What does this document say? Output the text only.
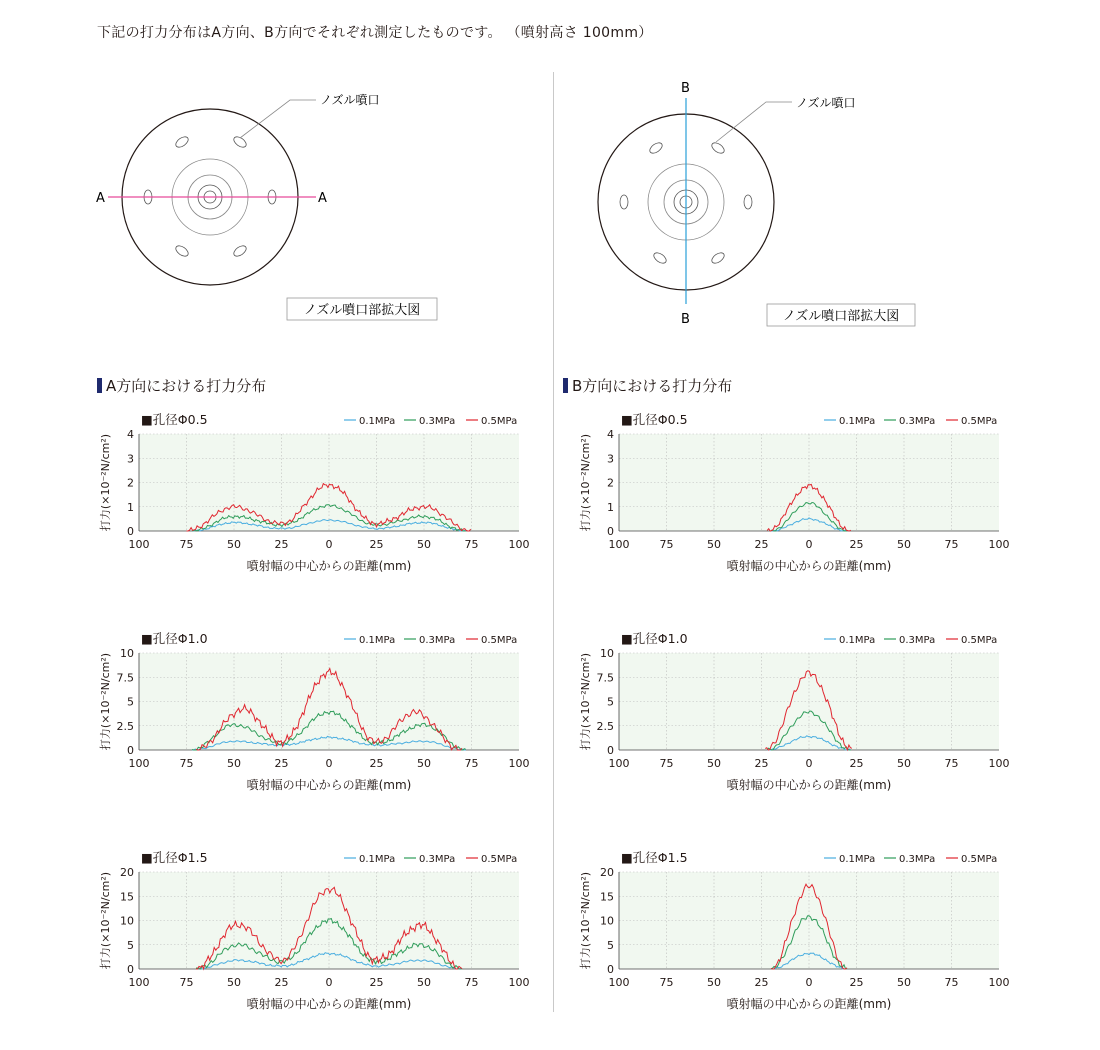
下記の打力分布はA方向、B方向でそれぞれ測定したものです。 （噴射高さ 100mm）
A	A
ノズル噴口
ノズル噴口部拡大図
B
B
ノズル噴口
ノズル噴口部拡大図
A方向における打力分布	B方向における打力分布
0
1
2
3
4
100	75	50	25	0	25	50	75	100
噴射幅の中心からの距離(mm)
打力(×10⁻²N/cm²)
■孔径Φ0.5	0.1MPa 0.3MPa	0.5MPa
0
1
2
3
4
100	75	50	25	0	25	50	75	100
噴射幅の中心からの距離(mm)
打力(×10⁻²N/cm²)
■孔径Φ0.5	0.1MPa 0.3MPa	0.5MPa
0
2.5
5
7.5
10
100	75	50	25	0	25	50	75	100
噴射幅の中心からの距離(mm)
打力(×10⁻²N/cm²)
■孔径Φ1.0	0.1MPa 0.3MPa	0.5MPa
0
2.5
5
7.5
10
100	75	50	25	0	25	50	75	100
噴射幅の中心からの距離(mm)
打力(×10⁻²N/cm²)
■孔径Φ1.0	0.1MPa 0.3MPa	0.5MPa
0
5
10
15
20
100	75	50	25	0	25	50	75	100
噴射幅の中心からの距離(mm)
打力(×10⁻²N/cm²)
■孔径Φ1.5	0.1MPa 0.3MPa	0.5MPa
0
5
10
15
20
100	75	50	25	0	25	50	75	100
噴射幅の中心からの距離(mm)
打力(×10⁻²N/cm²)
■孔径Φ1.5	0.1MPa 0.3MPa	0.5MPa
